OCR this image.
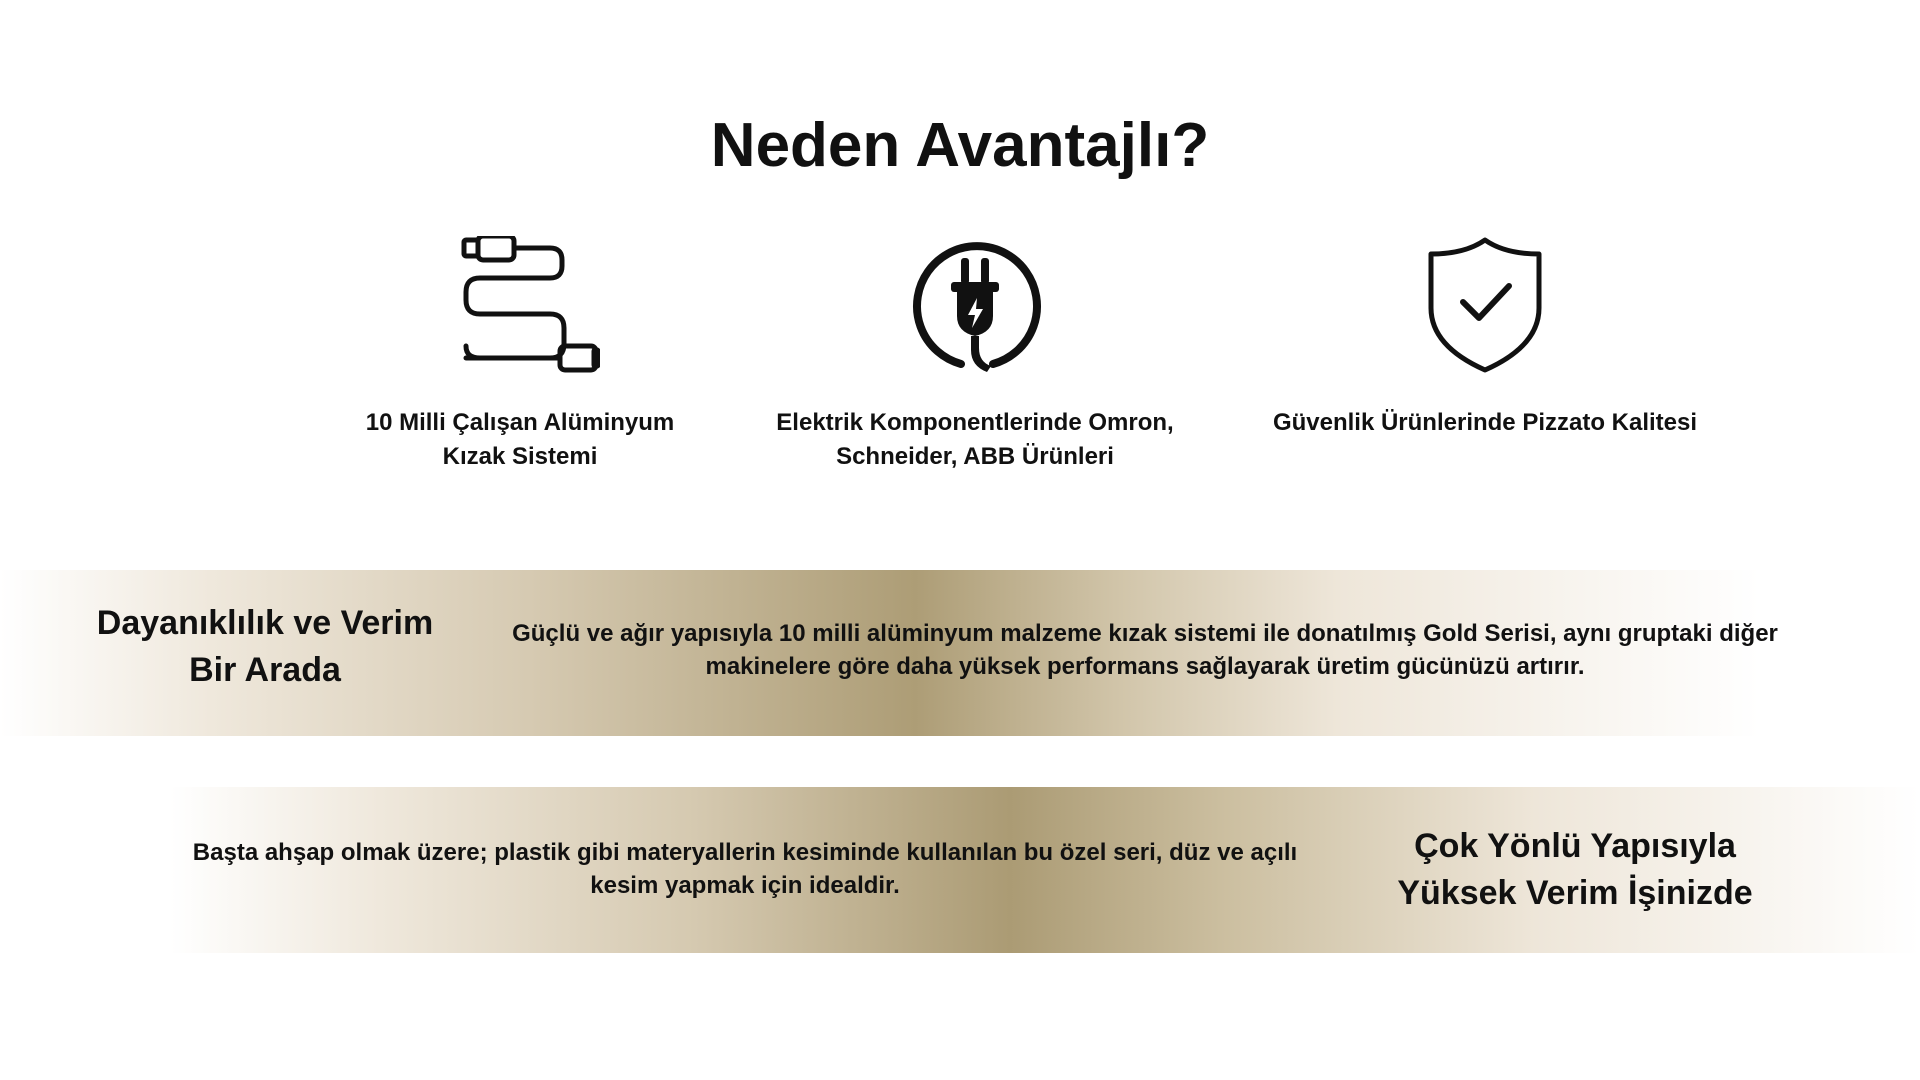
Neden Avantajlı?
10 Milli Çalışan Alüminyum
Kızak Sistemi
Elektrik Komponentlerinde Omron,
Schneider, ABB Ürünleri
Güvenlik Ürünlerinde Pizzato Kalitesi
Dayanıklılık ve Verim
Bir Arada
Güçlü ve ağır yapısıyla 10 milli alüminyum malzeme kızak sistemi ile donatılmış Gold Serisi, aynı gruptaki diğer
makinelere göre daha yüksek performans sağlayarak üretim gücünüzü artırır.
Başta ahşap olmak üzere; plastik gibi materyallerin kesiminde kullanılan bu özel seri, düz ve açılı
kesim yapmak için idealdir.
Çok Yönlü Yapısıyla
Yüksek Verim İşinizde
